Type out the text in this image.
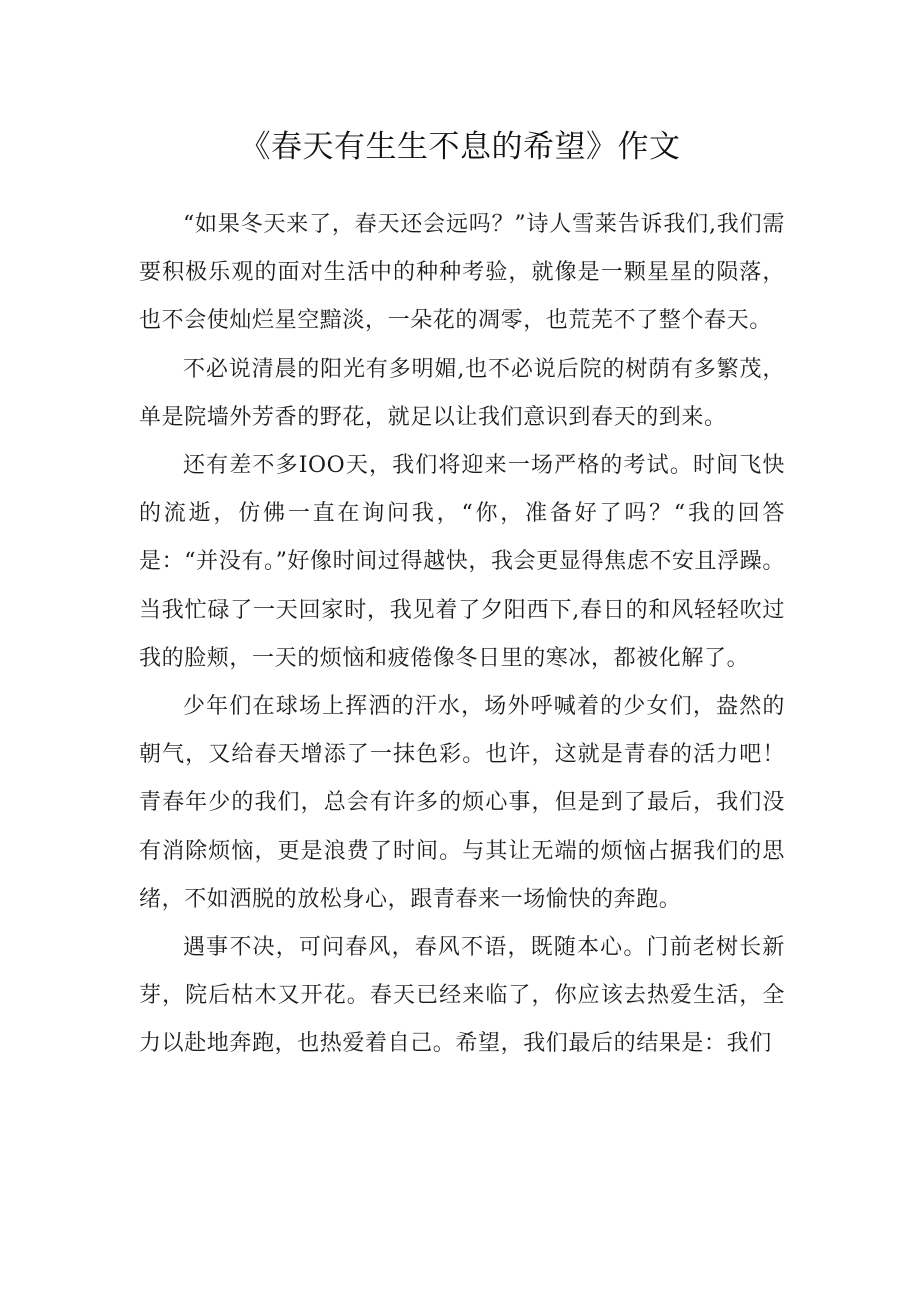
《春天有生生不息的希望》作文

“如果冬天来了，春天还会远吗？”诗人雪莱告诉我们,我们需要积极乐观的面对生活中的种种考验，就像是一颗星星的陨落，也不会使灿烂星空黯淡，一朵花的凋零，也荒芜不了整个春天。

不必说清晨的阳光有多明媚,也不必说后院的树荫有多繁茂，单是院墙外芳香的野花，就足以让我们意识到春天的到来。

还有差不多IOO天，我们将迎来一场严格的考试。时间飞快的流逝，仿佛一直在询问我，“你，准备好了吗？“我的回答是：“并没有。”好像时间过得越快，我会更显得焦虑不安且浮躁。当我忙碌了一天回家时，我见着了夕阳西下,春日的和风轻轻吹过我的脸颊，一天的烦恼和疲倦像冬日里的寒冰，都被化解了。

少年们在球场上挥洒的汗水，场外呼喊着的少女们，盎然的朝气，又给春天增添了一抹色彩。也许，这就是青春的活力吧！青春年少的我们，总会有许多的烦心事，但是到了最后，我们没有消除烦恼，更是浪费了时间。与其让无端的烦恼占据我们的思绪，不如洒脱的放松身心，跟青春来一场愉快的奔跑。

遇事不决，可问春风，春风不语，既随本心。门前老树长新芽，院后枯木又开花。春天已经来临了，你应该去热爱生活，全力以赴地奔跑，也热爱着自己。希望，我们最后的结果是：我们
